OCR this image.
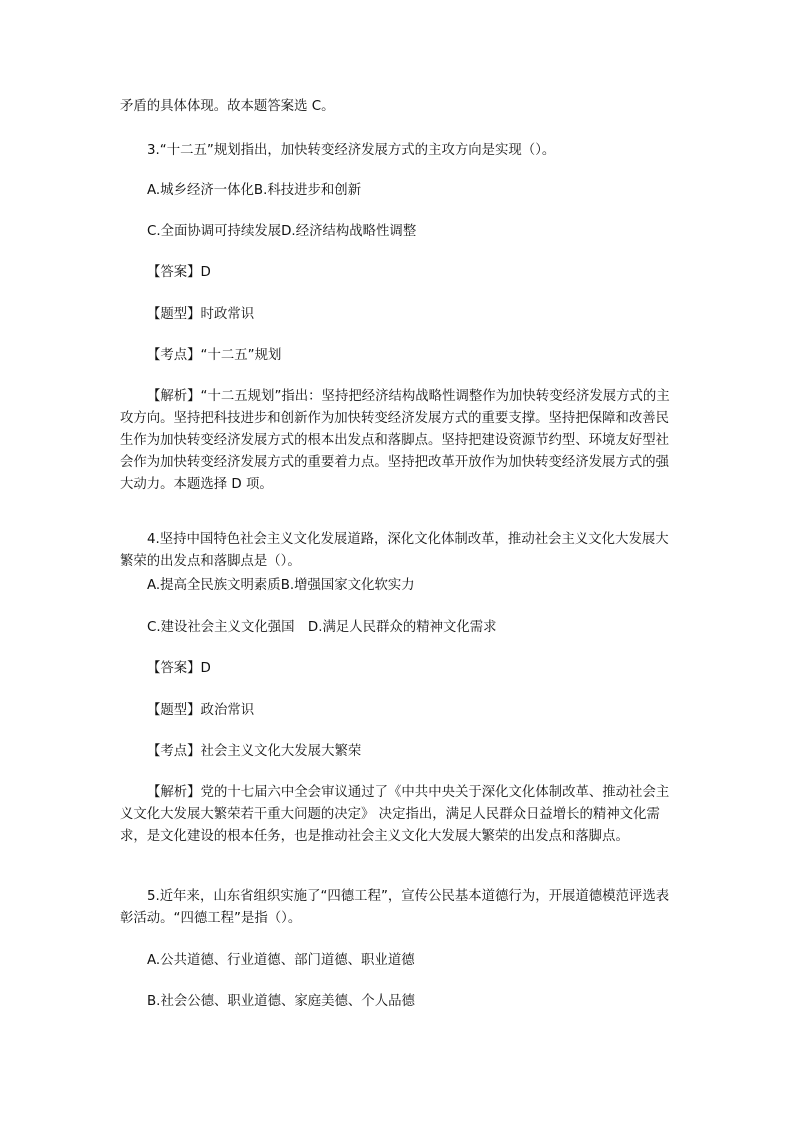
矛盾的具体体现。故本题答案选 C。

3.“十二五”规划指出，加快转变经济发展方式的主攻方向是实现（）。

A.城乡经济一体化B.科技进步和创新

C.全面协调可持续发展D.经济结构战略性调整

【答案】D

【题型】时政常识

【考点】“十二五”规划

【解析】“十二五规划”指出：坚持把经济结构战略性调整作为加快转变经济发展方式的主攻方向。坚持把科技进步和创新作为加快转变经济发展方式的重要支撑。坚持把保障和改善民生作为加快转变经济发展方式的根本出发点和落脚点。坚持把建设资源节约型、环境友好型社会作为加快转变经济发展方式的重要着力点。坚持把改革开放作为加快转变经济发展方式的强大动力。本题选择 D 项。

4.坚持中国特色社会主义文化发展道路，深化文化体制改革，推动社会主义文化大发展大繁荣的出发点和落脚点是（）。

A.提高全民族文明素质B.增强国家文化软实力

C.建设社会主义文化强国　D.满足人民群众的精神文化需求

【答案】D

【题型】政治常识

【考点】社会主义文化大发展大繁荣

【解析】党的十七届六中全会审议通过了《中共中央关于深化文化体制改革、推动社会主义文化大发展大繁荣若干重大问题的决定》 决定指出，满足人民群众日益增长的精神文化需求，是文化建设的根本任务，也是推动社会主义文化大发展大繁荣的出发点和落脚点。

5.近年来，山东省组织实施了“四德工程”，宣传公民基本道德行为，开展道德模范评选表彰活动。“四德工程”是指（）。

A.公共道德、行业道德、部门道德、职业道德

B.社会公德、职业道德、家庭美德、个人品德
